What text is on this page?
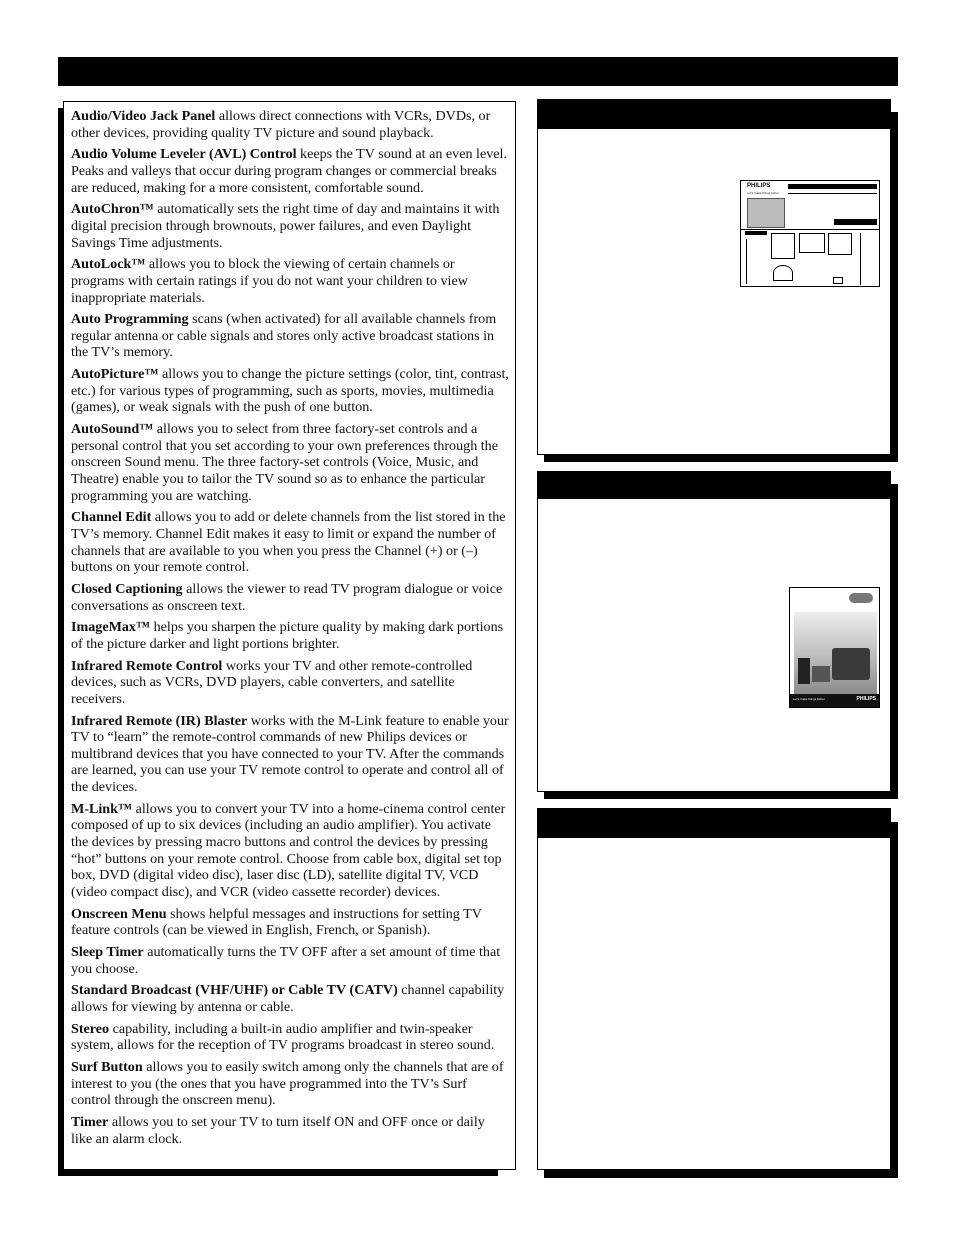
Audio/Video Jack Panel allows direct connections with VCRs, DVDs, or other devices, providing quality TV picture and sound playback.

Audio Volume Leveler (AVL) Control keeps the TV sound at an even level. Peaks and valleys that occur during program changes or commercial breaks are reduced, making for a more consistent, comfortable sound.

AutoChron™ automatically sets the right time of day and maintains it with digital precision through brownouts, power failures, and even Daylight Savings Time adjustments.

AutoLock™ allows you to block the viewing of certain channels or programs with certain ratings if you do not want your children to view inappropriate materials.

Auto Programming scans (when activated) for all available channels from regular antenna or cable signals and stores only active broadcast stations in the TV’s memory.

AutoPicture™ allows you to change the picture settings (color, tint, contrast, etc.) for various types of programming, such as sports, movies, multimedia (games), or weak signals with the push of one button.

AutoSound™ allows you to select from three factory-set controls and a personal control that you set according to your own preferences through the onscreen Sound menu. The three factory-set controls (Voice, Music, and Theatre) enable you to tailor the TV sound so as to enhance the particular programming you are watching.

Channel Edit allows you to add or delete channels from the list stored in the TV’s memory. Channel Edit makes it easy to limit or expand the number of channels that are available to you when you press the Channel (+) or (–) buttons on your remote control.

Closed Captioning allows the viewer to read TV program dialogue or voice conversations as onscreen text.

ImageMax™ helps you sharpen the picture quality by making dark portions of the picture darker and light portions brighter.

Infrared Remote Control works your TV and other remote-controlled devices, such as VCRs, DVD players, cable converters, and satellite receivers.

Infrared Remote (IR) Blaster works with the M-Link feature to enable your TV to “learn” the remote-control commands of new Philips devices or multibrand devices that you have connected to your TV. After the commands are learned, you can use your TV remote control to operate and control all of the devices.

M-Link™ allows you to convert your TV into a home-cinema control center composed of up to six devices (including an audio amplifier). You activate the devices by pressing macro buttons and control the devices by pressing “hot” buttons on your remote control. Choose from cable box, digital set top box, DVD (digital video disc), laser disc (LD), satellite digital TV, VCD (video compact disc), and VCR (video cassette recorder) devices.

Onscreen Menu shows helpful messages and instructions for setting TV feature controls (can be viewed in English, French, or Spanish).

Sleep Timer automatically turns the TV OFF after a set amount of time that you choose.

Standard Broadcast (VHF/UHF) or Cable TV (CATV) channel capability allows for viewing by antenna or cable.

Stereo capability, including a built-in audio amplifier and twin-speaker system, allows for the reception of TV programs broadcast in stereo sound.

Surf Button allows you to easily switch among only the channels that are of interest to you (the ones that you have programmed into the TV’s Surf control through the onscreen menu).

Timer allows you to set your TV to turn itself ON and OFF once or daily like an alarm clock.

PHILIPS
Let's make things better.
Let's make things better.	PHILIPS
